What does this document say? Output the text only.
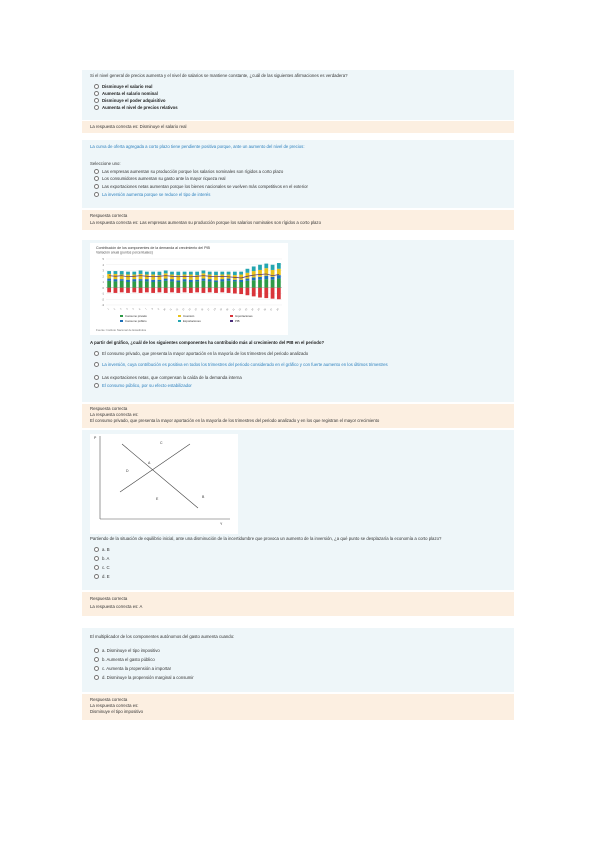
Si el nivel general de precios aumenta y el nivel de salarios se mantiene constante, ¿cuál de las siguientes afirmaciones es verdadera?
Disminuye el salario real
Aumenta el salario nominal
Disminuye el poder adquisitivo
Aumenta el nivel de precios relativos
La respuesta correcta es: Disminuye el salario real
La curva de oferta agregada a corto plazo tiene pendiente positiva porque, ante un aumento del nivel de precios:
Seleccione uno:
Las empresas aumentan su producción porque los salarios nominales son rígidos a corto plazo
Los consumidores aumentan su gasto ante la mayor riqueza real
Las exportaciones netas aumentan porque los bienes nacionales se vuelven más competitivos en el exterior
La inversión aumenta porque se reduce el tipo de interés
Respuesta correcta
La respuesta correcta es: Las empresas aumentan su producción porque los salarios nominales son rígidos a corto plazo
Contribución de los componentes de la demanda al crecimiento del PIB
Variación anual (puntos porcentuales)
-3
-2
-1
0
1
2
3
4
5
1 2 3 4 5 6 7 8 9 10 11 12 13 14 15 16 17 18 19 20 21 22 23 24 25 26 27 28
Consumo privado
Consumo público
Inversión
Exportaciones
Importaciones
PIB
Fuente: Instituto Nacional de Estadística
A partir del gráfico, ¿cuál de los siguientes componentes ha contribuido más al crecimiento del PIB en el periodo?
El consumo privado, que presenta la mayor aportación en la mayoría de los trimestres del periodo analizado
La inversión, cuya contribución es positiva en todos los trimestres del periodo considerado en el gráfico y con fuerte aumento en los últimos trimestres
Las exportaciones netas, que compensan la caída de la demanda interna
El consumo público, por su efecto estabilizador
Respuesta correcta
La respuesta correcta es:
El consumo privado, que presenta la mayor aportación en la mayoría de los trimestres del periodo analizado y en los que registran el mayor crecimiento
P
Y
A
B
C
D
E
Partiendo de la situación de equilibrio inicial, ante una disminución de la incertidumbre que provoca un aumento de la inversión, ¿a qué punto se desplazaría la economía a corto plazo?
a. B
b. A
c. C
d. E
Respuesta correcta
La respuesta correcta es: A
El multiplicador de los componentes autónomos del gasto aumenta cuando:
a. Disminuye el tipo impositivo
b. Aumenta el gasto público
c. Aumenta la propensión a importar
d. Disminuye la propensión marginal a consumir
Respuesta correcta
La respuesta correcta es:
Disminuye el tipo impositivo
